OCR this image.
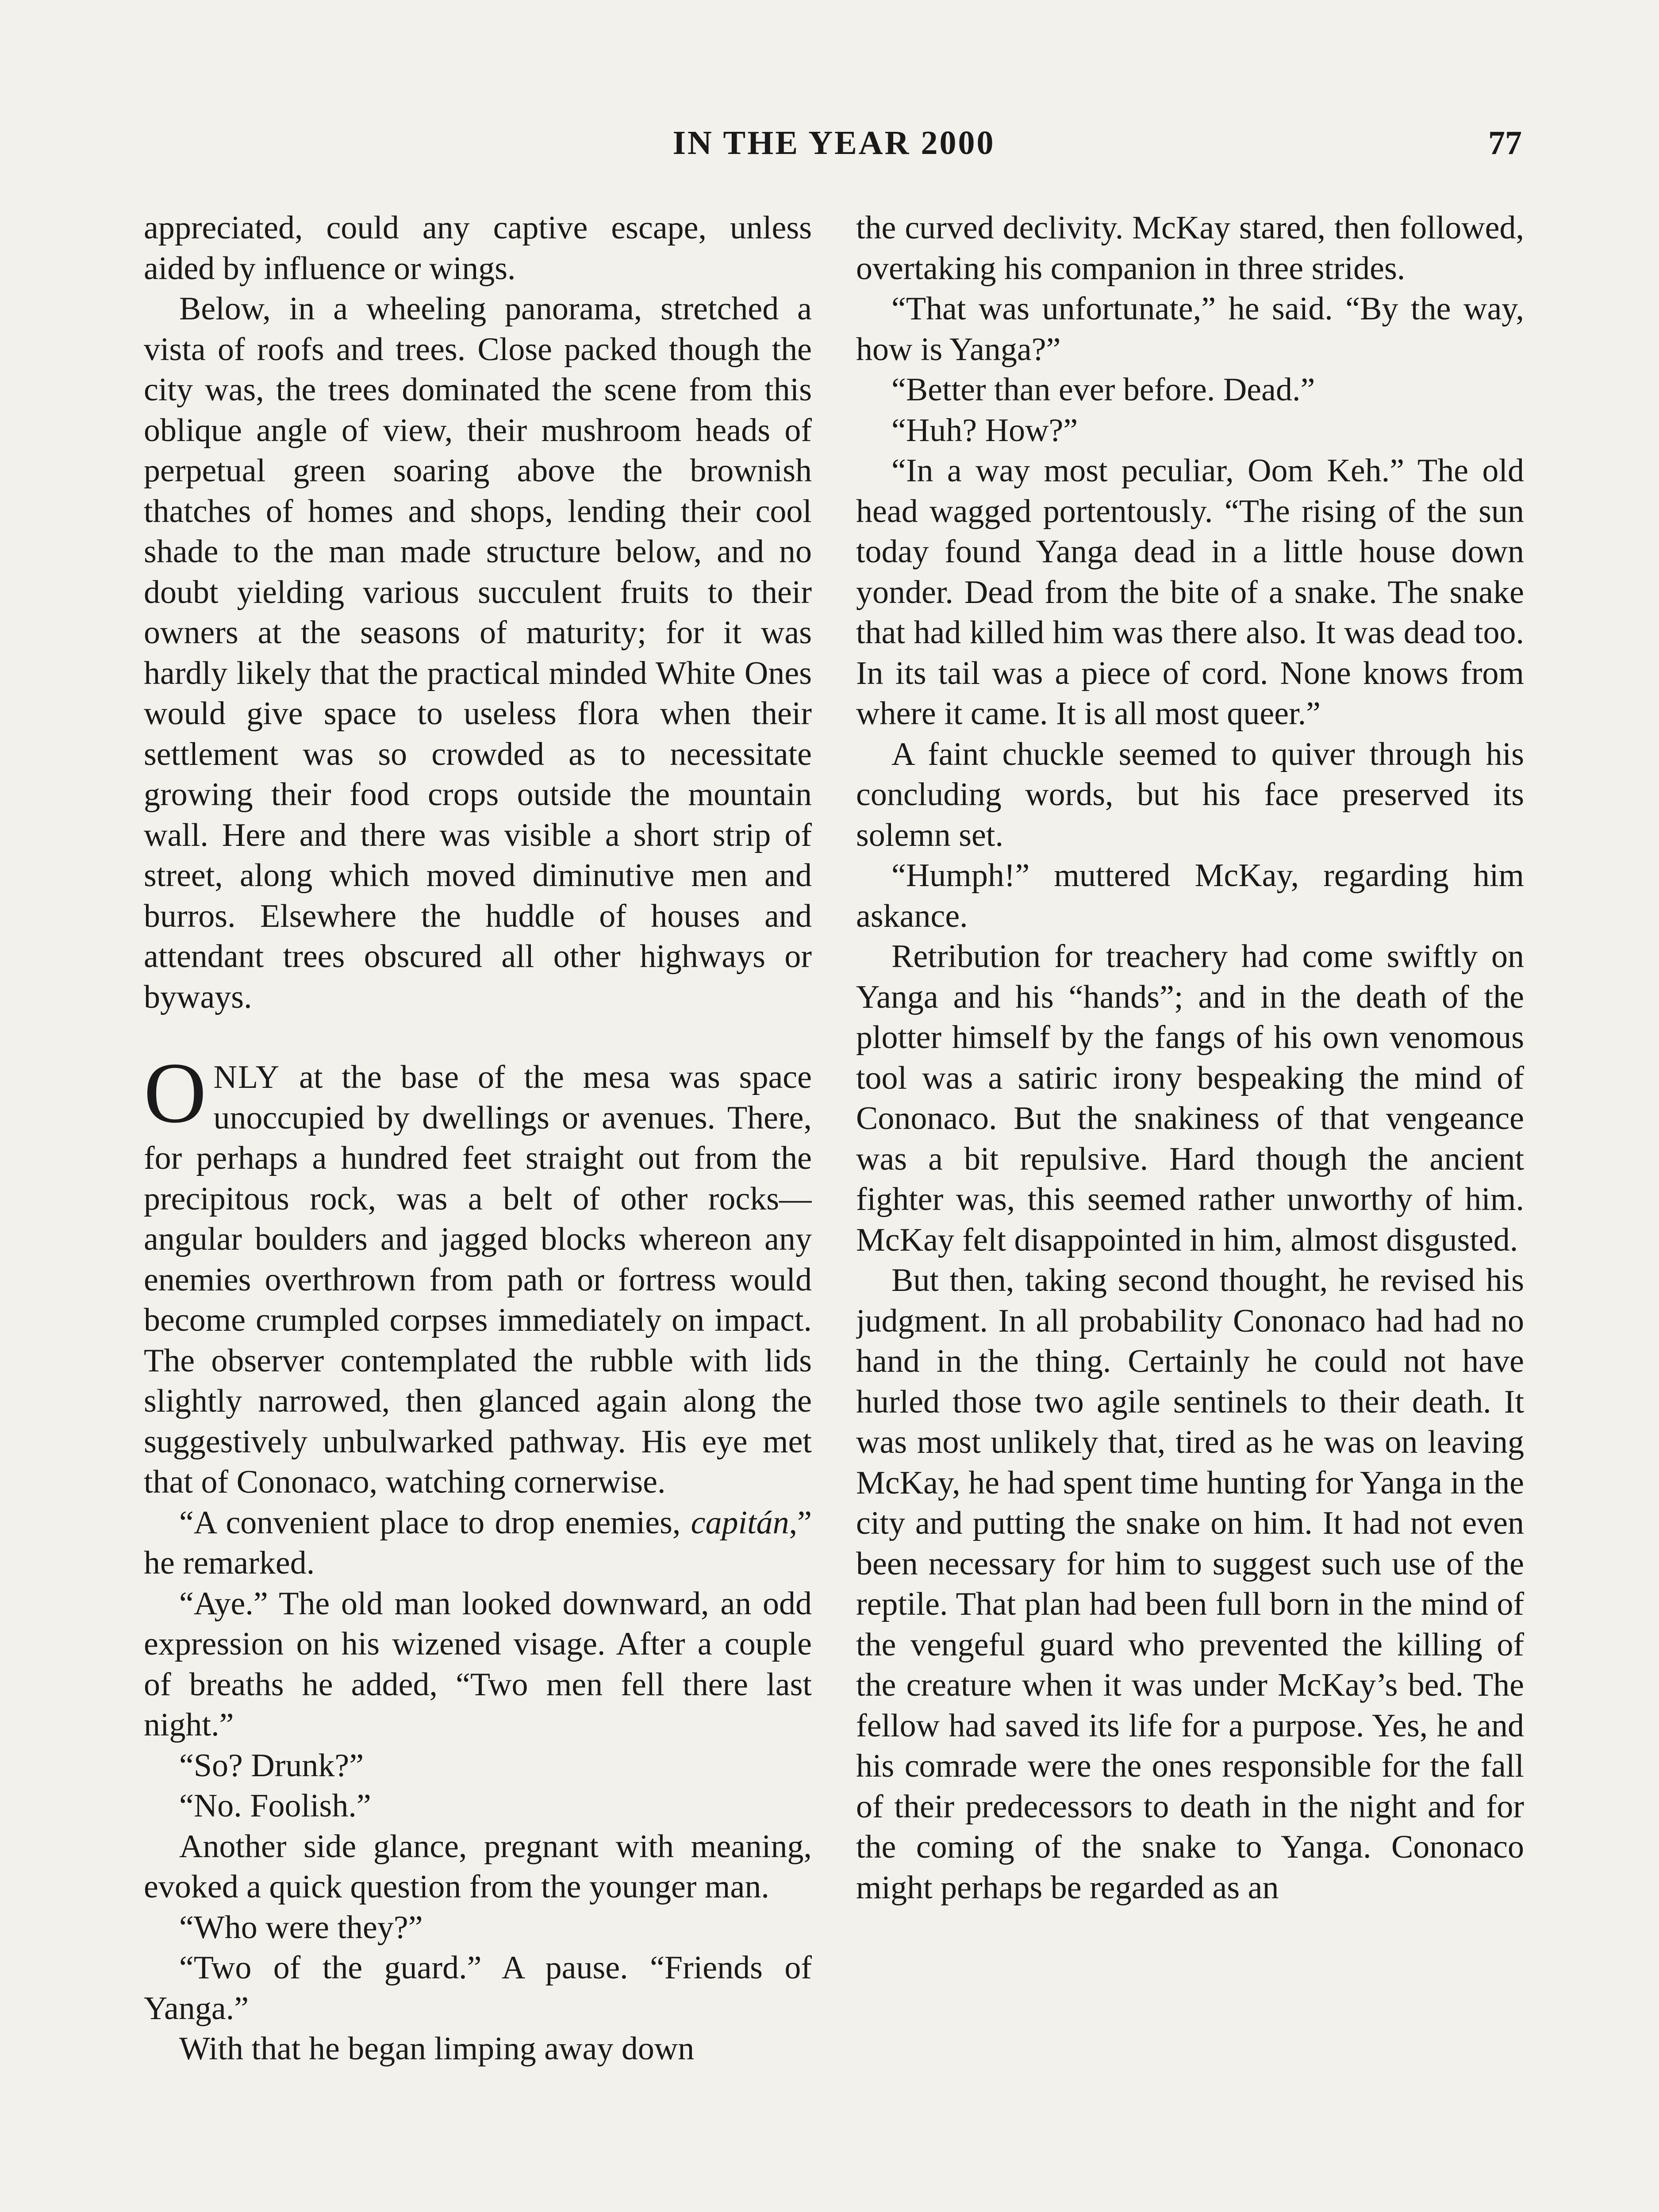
IN THE YEAR 2000	77

appreciated, could any captive escape, unless aided by influence or wings.

Below, in a wheeling panorama, stretched a vista of roofs and trees. Close packed though the city was, the trees dominated the scene from this oblique angle of view, their mushroom heads of perpetual green soaring above the brownish thatches of homes and shops, lending their cool shade to the man made structure below, and no doubt yielding various succulent fruits to their owners at the seasons of maturity; for it was hardly likely that the practical minded White Ones would give space to useless flora when their settlement was so crowded as to necessitate growing their food crops outside the mountain wall. Here and there was visible a short strip of street, along which moved diminutive men and burros. Elsewhere the huddle of houses and attendant trees obscured all other highways or byways.

ONLY at the base of the mesa was space unoccupied by dwellings or avenues. There, for perhaps a hundred feet straight out from the precipitous rock, was a belt of other rocks—angular boulders and jagged blocks whereon any enemies overthrown from path or fortress would become crumpled corpses immediately on impact. The observer contemplated the rubble with lids slightly narrowed, then glanced again along the suggestively unbulwarked pathway. His eye met that of Cononaco, watching cornerwise.

“A convenient place to drop enemies, capitán,” he remarked.

“Aye.” The old man looked downward, an odd expression on his wizened visage. After a couple of breaths he added, “Two men fell there last night.”

“So? Drunk?”

“No. Foolish.”

Another side glance, pregnant with meaning, evoked a quick question from the younger man.

“Who were they?”

“Two of the guard.” A pause. “Friends of Yanga.”

With that he began limping away down

the curved declivity. McKay stared, then followed, overtaking his companion in three strides.

“That was unfortunate,” he said. “By the way, how is Yanga?”

“Better than ever before. Dead.”

“Huh? How?”

“In a way most peculiar, Oom Keh.” The old head wagged portentously. “The rising of the sun today found Yanga dead in a little house down yonder. Dead from the bite of a snake. The snake that had killed him was there also. It was dead too. In its tail was a piece of cord. None knows from where it came. It is all most queer.”

A faint chuckle seemed to quiver through his concluding words, but his face preserved its solemn set.

“Humph!” muttered McKay, regarding him askance.

Retribution for treachery had come swiftly on Yanga and his “hands”; and in the death of the plotter himself by the fangs of his own venomous tool was a satiric irony bespeaking the mind of Cononaco. But the snakiness of that vengeance was a bit repulsive. Hard though the ancient fighter was, this seemed rather unworthy of him. McKay felt disappointed in him, almost disgusted.

But then, taking second thought, he revised his judgment. In all probability Cononaco had had no hand in the thing. Certainly he could not have hurled those two agile sentinels to their death. It was most unlikely that, tired as he was on leaving McKay, he had spent time hunting for Yanga in the city and putting the snake on him. It had not even been necessary for him to suggest such use of the reptile. That plan had been full born in the mind of the vengeful guard who prevented the killing of the creature when it was under McKay’s bed. The fellow had saved its life for a purpose. Yes, he and his comrade were the ones responsible for the fall of their predecessors to death in the night and for the coming of the snake to Yanga. Cononaco might perhaps be regarded as an
